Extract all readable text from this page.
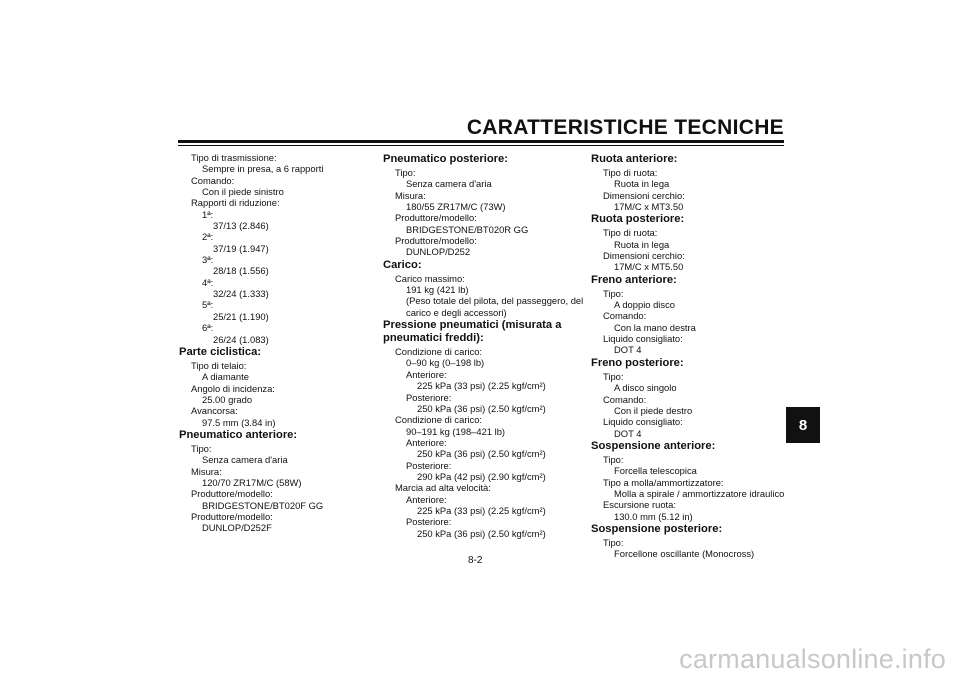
CARATTERISTICHE TECNICHE
Tipo di trasmissione:
Sempre in presa, a 6 rapporti
Comando:
Con il piede sinistro
Rapporti di riduzione:
1ª:
37/13 (2.846)
2ª:
37/19 (1.947)
3ª:
28/18 (1.556)
4ª:
32/24 (1.333)
5ª:
25/21 (1.190)
6ª:
26/24 (1.083)
Parte ciclistica:
Tipo di telaio:
A diamante
Angolo di incidenza:
25.00 grado
Avancorsa:
97.5 mm (3.84 in)
Pneumatico anteriore:
Tipo:
Senza camera d'aria
Misura:
120/70 ZR17M/C (58W)
Produttore/modello:
BRIDGESTONE/BT020F GG
Produttore/modello:
DUNLOP/D252F
Pneumatico posteriore:
Tipo:
Senza camera d'aria
Misura:
180/55 ZR17M/C (73W)
Produttore/modello:
BRIDGESTONE/BT020R GG
Produttore/modello:
DUNLOP/D252
Carico:
Carico massimo:
191 kg (421 lb)
(Peso totale del pilota, del passeggero, del
carico e degli accessori)
Pressione pneumatici (misurata a
pneumatici freddi):
Condizione di carico:
0–90 kg (0–198 lb)
Anteriore:
225 kPa (33 psi) (2.25 kgf/cm²)
Posteriore:
250 kPa (36 psi) (2.50 kgf/cm²)
Condizione di carico:
90–191 kg (198–421 lb)
Anteriore:
250 kPa (36 psi) (2.50 kgf/cm²)
Posteriore:
290 kPa (42 psi) (2.90 kgf/cm²)
Marcia ad alta velocità:
Anteriore:
225 kPa (33 psi) (2.25 kgf/cm²)
Posteriore:
250 kPa (36 psi) (2.50 kgf/cm²)
Ruota anteriore:
Tipo di ruota:
Ruota in lega
Dimensioni cerchio:
17M/C x MT3.50
Ruota posteriore:
Tipo di ruota:
Ruota in lega
Dimensioni cerchio:
17M/C x MT5.50
Freno anteriore:
Tipo:
A doppio disco
Comando:
Con la mano destra
Liquido consigliato:
DOT 4
Freno posteriore:
Tipo:
A disco singolo
Comando:
Con il piede destro
Liquido consigliato:
DOT 4
Sospensione anteriore:
Tipo:
Forcella telescopica
Tipo a molla/ammortizzatore:
Molla a spirale / ammortizzatore idraulico
Escursione ruota:
130.0 mm (5.12 in)
Sospensione posteriore:
Tipo:
Forcellone oscillante (Monocross)
8
8-2
carmanualsonline.info
